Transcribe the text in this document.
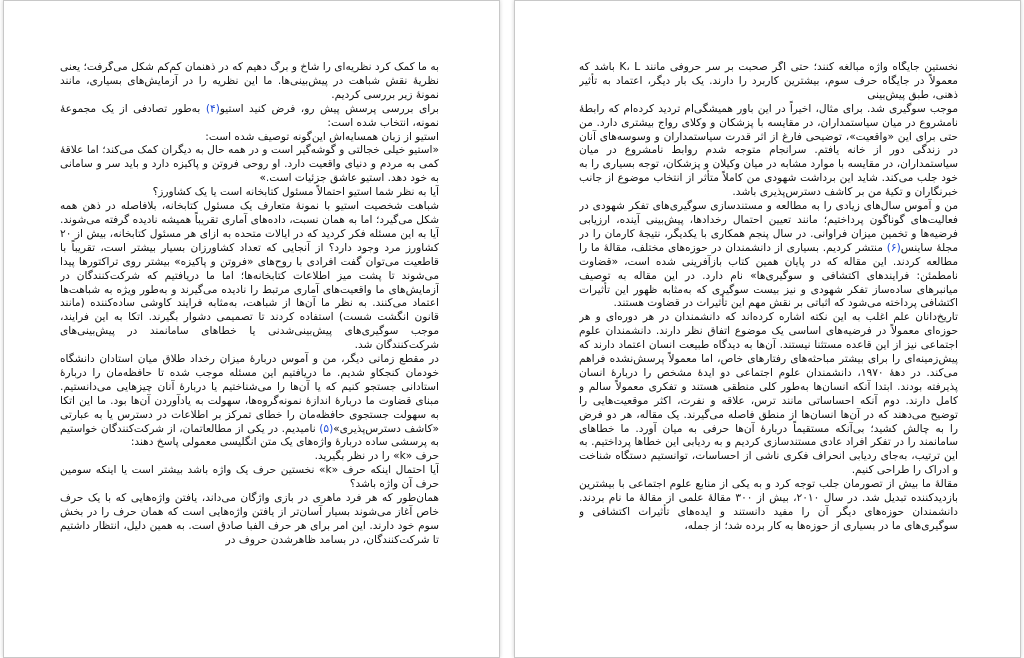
به ما کمک کرد نظریه‌ای را شاخ و برگ دهیم که در ذهنمان کم‌کم شکل می‌گرفت؛ یعنی نظریهٔ نقش شباهت در پیش‌بینی‌ها. ما این نظریه را در آزمایش‌های بسیاری، مانند نمونهٔ زیر بررسی کردیم.

برای بررسی پرسش پیش رو، فرض کنید استیو(۴) به‌طور تصادفی از یک مجموعهٔ نمونه، انتخاب شده است:

استیو از زبان همسایه‌اش این‌گونه توصیف شده است:

«استیو خیلی خجالتی و گوشه‌گیر است و در همه حال به دیگران کمک می‌کند؛ اما علاقهٔ کمی به مردم و دنیای واقعیت دارد. او روحی فروتن و پاکیزه دارد و باید سر و سامانی به خود دهد. استیو عاشق جزئیات است.»

آیا به نظر شما استیو احتمالاً مسئول کتابخانه است یا یک کشاورز؟

شباهت شخصیت استیو با نمونهٔ متعارف یک مسئول کتابخانه، بلافاصله در ذهن همه شکل می‌گیرد؛ اما به همان نسبت، داده‌های آماری تقریباً همیشه نادیده گرفته می‌شوند. آیا به این مسئله فکر کردید که در ایالات متحده به ازای هر مسئول کتابخانه، بیش از ۲۰ کشاورز مرد وجود دارد؟ از آنجایی که تعداد کشاورزان بسیار بیشتر است، تقریباً با قاطعیت می‌توان گفت افرادی با روح‌های «فروتن و پاکیزه» بیشتر روی تراکتورها پیدا می‌شوند تا پشت میز اطلاعات کتابخانه‌ها؛ اما ما دریافتیم که شرکت‌کنندگان در آزمایش‌های ما واقعیت‌های آماری مرتبط را نادیده می‌گیرند و به‌طور ویژه به شباهت‌ها اعتماد می‌کنند. به نظر ما آن‌ها از شباهت، به‌مثابه فرایند کاوشی ساده‌کننده (مانند قانون انگشت شست) استفاده کردند تا تصمیمی دشوار بگیرند. اتکا به این فرایند، موجب سوگیری‌های پیش‌بینی‌شدنی یا خطاهای سامانمند در پیش‌بینی‌های شرکت‌کنندگان شد.

در مقطع زمانی دیگر، من و آموس دربارهٔ میزان رخداد طلاق میان استادان دانشگاه خودمان کنجکاو شدیم. ما دریافتیم این مسئله موجب شده تا حافظه‌مان را دربارهٔ استادانی جستجو کنیم که یا آن‌ها را می‌شناختیم یا دربارهٔ آنان چیزهایی می‌دانستیم. مبنای قضاوت ما دربارهٔ اندازهٔ نمونه‌گروه‌ها، سهولت به یادآوردن آن‌ها بود. ما این اتکا به سهولت جستجوی حافظه‌مان را خطای تمرکز بر اطلاعات در دسترس یا به عبارتی «کاشف دسترس‌پذیری»(۵) نامیدیم. در یکی از مطالعاتمان، از شرکت‌کنندگان خواستیم به پرسشی ساده دربارهٔ واژه‌های یک متن انگلیسی معمولی پاسخ دهند:

حرف «k» را در نظر بگیرید.

آیا احتمال اینکه حرف «k» نخستین حرف یک واژه باشد بیشتر است یا اینکه سومین حرف آن واژه باشد؟

همان‌طور که هر فرد ماهری در بازی واژگان می‌داند، یافتن واژه‌هایی که با یک حرف خاص آغاز می‌شوند بسیار آسان‌تر از یافتن واژه‌هایی است که همان حرف را در بخش سوم خود دارند. این امر برای هر حرف الفبا صادق است. به همین دلیل، انتظار داشتیم تا شرکت‌کنندگان، در بسامد ظاهرشدن حروف در

نخستین جایگاه واژه مبالغه کنند؛ حتی اگر صحبت بر سر حروفی مانند K، L باشد که معمولاً در جایگاه حرف سوم، بیشترین کاربرد را دارند. یک بار دیگر، اعتماد به تأثیر ذهنی، طبق پیش‌بینی

موجب سوگیری شد. برای مثال، اخیراً در این باور همیشگی‌ام تردید کرده‌ام که رابطهٔ نامشروع در میان سیاستمداران، در مقایسه با پزشکان و وکلای رواج بیشتری دارد. من حتی برای این «واقعیت»، توضیحی فارغ از اثر قدرت سیاستمداران و وسوسه‌های آنان در زندگی دور از خانه یافتم. سرانجام متوجه شدم روابط نامشروع در میان سیاستمداران، در مقایسه با موارد مشابه در میان وکیلان و پزشکان، توجه بسیاری را به خود جلب می‌کند. شاید این برداشت شهودی من کاملاً متأثر از انتخاب موضوع از جانب خبرنگاران و تکیهٔ من بر کاشف دسترس‌پذیری باشد.

من و آموس سال‌های زیادی را به مطالعه و مستندسازی سوگیری‌های تفکر شهودی در فعالیت‌های گوناگون پرداختیم؛ مانند تعیین احتمال رخدادها، پیش‌بینی آینده، ارزیابی فرضیه‌ها و تخمین میزان فراوانی. در سال پنجم همکاری با یکدیگر، نتیجهٔ کارمان را در مجلهٔ ساینس(۶) منتشر کردیم. بسیاری از دانشمندان در حوزه‌های مختلف، مقالهٔ ما را مطالعه کردند. این مقاله که در پایان همین کتاب بازآفرینی شده است، «قضاوت نامطمئن: فرایندهای اکتشافی و سوگیری‌ها» نام دارد. در این مقاله به توصیف میانبرهای ساده‌ساز تفکر شهودی و نیز بیست سوگیری که به‌مثابه ظهور این تأثیرات اکتشافی پرداخته می‌شود که اثباتی بر نقش مهم این تأثیرات در قضاوت هستند.

تاریخ‌دانان علم اغلب به این نکته اشاره کرده‌اند که دانشمندان در هر دوره‌ای و هر حوزه‌ای معمولاً در فرضیه‌های اساسی یک موضوع اتفاق نظر دارند. دانشمندان علوم اجتماعی نیز از این قاعده مستثنا نیستند. آن‌ها به دیدگاه طبیعت انسان اعتماد دارند که پیش‌زمینه‌ای را برای بیشتر مباحثه‌های رفتارهای خاص، اما معمولاً پرسش‌نشده فراهم می‌کند. در دههٔ ۱۹۷۰، دانشمندان علوم اجتماعی دو ایدهٔ مشخص را دربارهٔ انسان پذیرفته بودند. ابتدا آنکه انسان‌ها به‌طور کلی منطقی هستند و تفکری معمولاً سالم و کامل دارند. دوم آنکه احساساتی مانند ترس، علاقه و نفرت، اکثر موقعیت‌هایی را توضیح می‌دهند که در آن‌ها انسان‌ها از منطق فاصله می‌گیرند. یک مقاله، هر دو فرض را به چالش کشید؛ بی‌آنکه مستقیماً دربارهٔ آن‌ها حرفی به میان آورد. ما خطاهای سامانمند را در تفکر افراد عادی مستندسازی کردیم و به ردیابی این خطاها پرداختیم. به این ترتیب، به‌جای ردیابی انحراف فکری ناشی از احساسات، توانستیم دستگاه شناخت و ادراک را طراحی کنیم.

مقالهٔ ما بیش از تصورمان جلب توجه کرد و به یکی از منابع علوم اجتماعی با بیشترین بازدیدکننده تبدیل شد. در سال ۲۰۱۰، بیش از ۳۰۰ مقالهٔ علمی از مقالهٔ ما نام بردند. دانشمندان حوزه‌های دیگر آن را مفید دانستند و ایده‌های تأثیرات اکتشافی و سوگیری‌های ما در بسیاری از حوزه‌ها به کار برده شد؛ از جمله،
